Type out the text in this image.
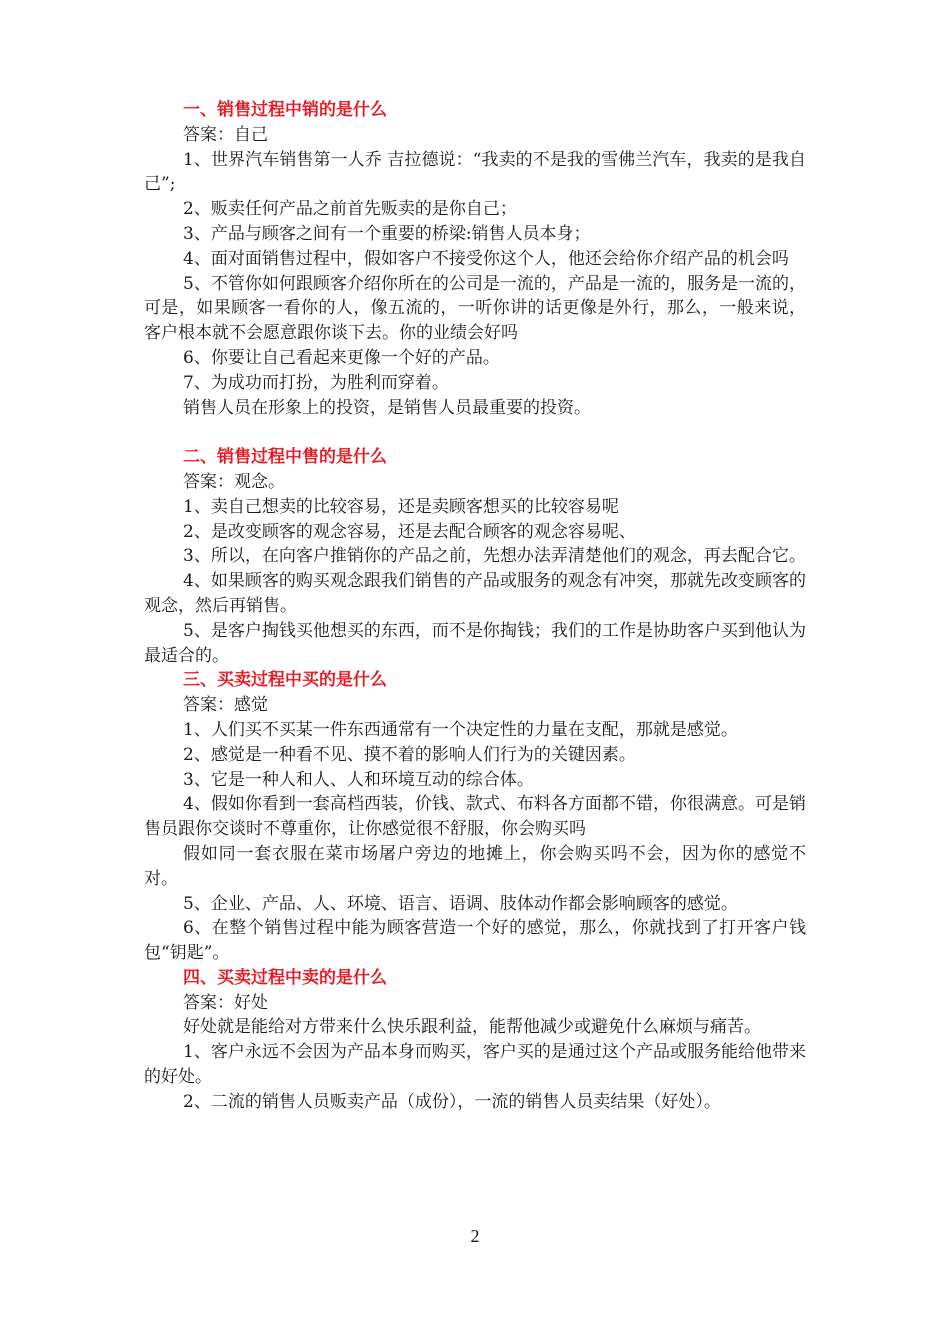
一、销售过程中销的是什么

答案：自己

1、世界汽车销售第一人乔 吉拉德说：“我卖的不是我的雪佛兰汽车，我卖的是我自己”;

2、贩卖任何产品之前首先贩卖的是你自己；

3、产品与顾客之间有一个重要的桥梁:销售人员本身；

4、面对面销售过程中，假如客户不接受你这个人，他还会给你介绍产品的机会吗

5、不管你如何跟顾客介绍你所在的公司是一流的，产品是一流的，服务是一流的，可是，如果顾客一看你的人，像五流的，一听你讲的话更像是外行，那么，一般来说，客户根本就不会愿意跟你谈下去。你的业绩会好吗

6、你要让自己看起来更像一个好的产品。

7、为成功而打扮，为胜利而穿着。

销售人员在形象上的投资，是销售人员最重要的投资。

二、销售过程中售的是什么

答案：观念。

1、卖自己想卖的比较容易，还是卖顾客想买的比较容易呢

2、是改变顾客的观念容易，还是去配合顾客的观念容易呢、

3、所以，在向客户推销你的产品之前，先想办法弄清楚他们的观念，再去配合它。

4、如果顾客的购买观念跟我们销售的产品或服务的观念有冲突，那就先改变顾客的观念，然后再销售。

5、是客户掏钱买他想买的东西，而不是你掏钱；我们的工作是协助客户买到他认为最适合的。

三、买卖过程中买的是什么

答案：感觉

1、人们买不买某一件东西通常有一个决定性的力量在支配，那就是感觉。

2、感觉是一种看不见、摸不着的影响人们行为的关键因素。

3、它是一种人和人、人和环境互动的综合体。

4、假如你看到一套高档西装，价钱、款式、布料各方面都不错，你很满意。可是销售员跟你交谈时不尊重你，让你感觉很不舒服，你会购买吗

假如同一套衣服在菜市场屠户旁边的地摊上，你会购买吗不会，因为你的感觉不对。

5、企业、产品、人、环境、语言、语调、肢体动作都会影响顾客的感觉。

6、在整个销售过程中能为顾客营造一个好的感觉，那么，你就找到了打开客户钱包“钥匙”。

四、买卖过程中卖的是什么

答案：好处

好处就是能给对方带来什么快乐跟利益，能帮他减少或避免什么麻烦与痛苦。

1、客户永远不会因为产品本身而购买，客户买的是通过这个产品或服务能给他带来的好处。

2、二流的销售人员贩卖产品（成份），一流的销售人员卖结果（好处）。

2
